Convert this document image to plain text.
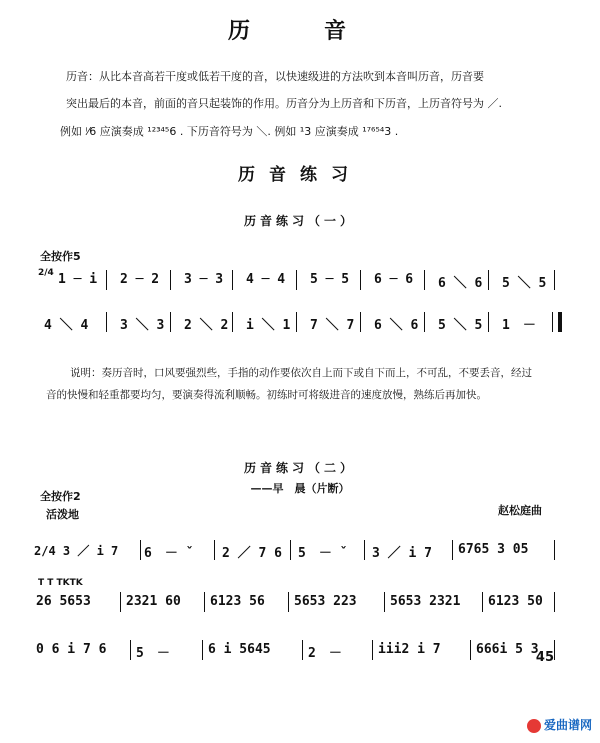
历　音
历音：从比本音高若干度或低若干度的音，以快速级进的方法吹到本音叫历音，历音要
突出最后的本音，前面的音只起装饰的作用。历音分为上历音和下历音，上历音符号为 ／.
例如 ⁱ⁄6 应演奏成 ¹²³⁴⁵6 . 下历音符号为 ＼. 例如 ¹3 应演奏成 ¹⁷⁶⁵⁴3 .
历音练习
历音练习（一）
全按作5
2/4 1 ─ i 2 ─ 2 3 ─ 3 4 ─ 4 5 ─ 5 6 ─ 6 6 ＼ 6 5 ＼ 5
4 ＼ 4 3 ＼ 3 2 ＼ 2 i ＼ 1 7 ＼ 7 6 ＼ 6 5 ＼ 5 1　－
说明：奏历音时，口风要强烈些，手指的动作要依次自上而下或自下而上，不可乱，不要丢音，经过
音的快慢和轻重都要均匀，要演奏得流利顺畅。初练时可将级进音的速度放慢，熟练后再加快。
历音练习（二）
——早　晨（片断）
全按作2
活泼地	赵松庭曲
2/4 3 ／ i 7 6　－ ˇ 2 ／ 7 6 5　－ ˇ 3 ／ i 7 6765 3 05
T T TKTK
26 5653	2321 60 6123 56 5653 223	5653 2321 6123 50
0 6 i 7 6 5　－	6 i 5645	2　－	iii2 i 7	666i 5 3
45
爱曲谱网
